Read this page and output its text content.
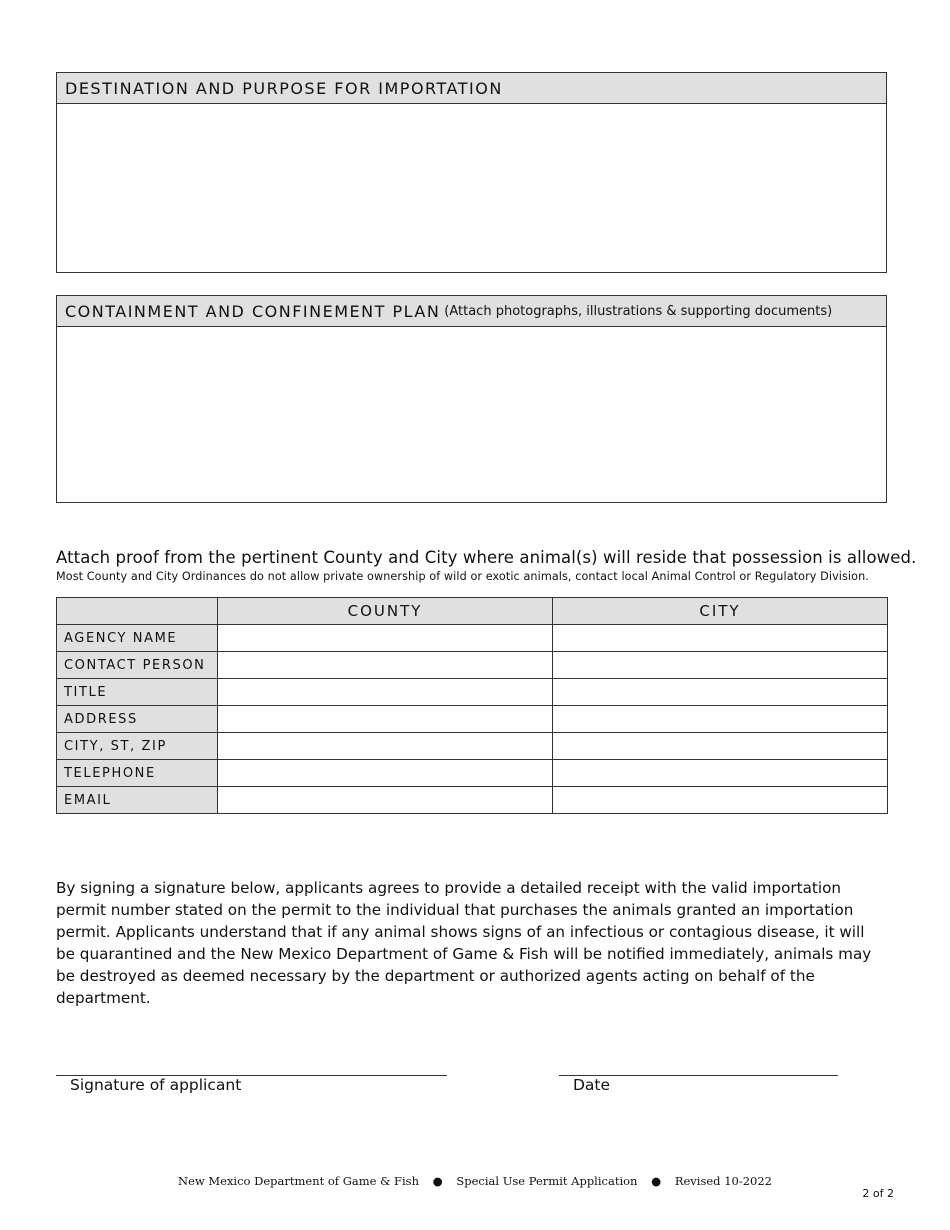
DESTINATION AND PURPOSE FOR IMPORTATION
CONTAINMENT AND CONFINEMENT PLAN (Attach photographs, illustrations & supporting documents)
Attach proof from the pertinent County and City where animal(s) will reside that possession is allowed.
Most County and City Ordinances do not allow private ownership of wild or exotic animals, contact local Animal Control or Regulatory Division.
	COUNTY	CITY
AGENCY NAME		
CONTACT PERSON		
TITLE		
ADDRESS		
CITY, ST, ZIP		
TELEPHONE		
EMAIL		

By signing a signature below, applicants agrees to provide a detailed receipt with the valid importation permit number stated on the permit to the individual that purchases the animals granted an importation permit. Applicants understand that if any animal shows signs of an infectious or contagious disease, it will be quarantined and the New Mexico Department of Game & Fish will be notified immediately, animals may be destroyed as deemed necessary by the department or authorized agents acting on behalf of the department.

Signature of applicant	Date
New Mexico Department of Game & Fish ● Special Use Permit Application ● Revised 10-2022
2 of 2
